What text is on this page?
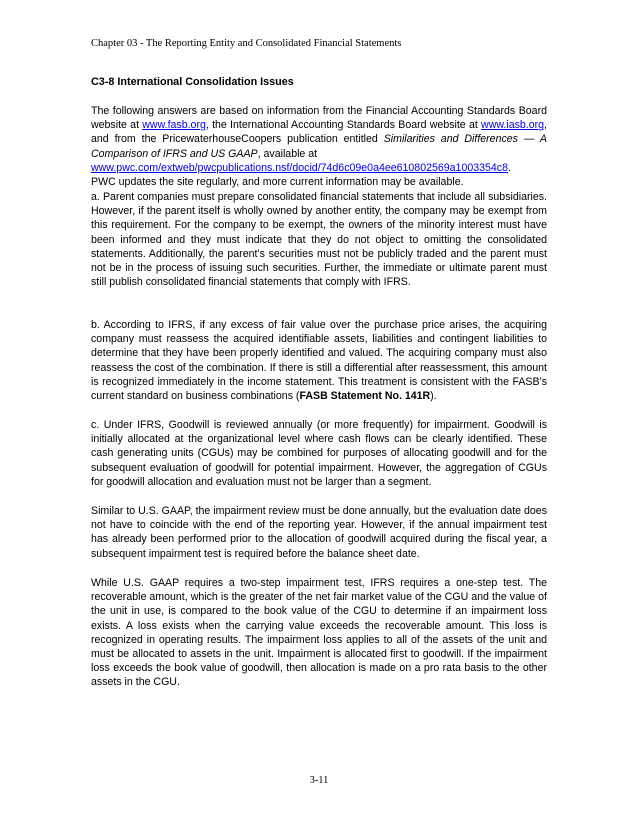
Chapter 03 - The Reporting Entity and Consolidated Financial Statements
C3-8 International Consolidation Issues

The following answers are based on information from the Financial Accounting Standards Board website at www.fasb.org, the International Accounting Standards Board website at www.iasb.org, and from the PricewaterhouseCoopers publication entitled Similarities and Differences — A Comparison of IFRS and US GAAP, available at

www.pwc.com/extweb/pwcpublications.nsf/docid/74d6c09e0a4ee610802569a1003354c8.

PWC updates the site regularly, and more current information may be available.

a. Parent companies must prepare consolidated financial statements that include all subsidiaries. However, if the parent itself is wholly owned by another entity, the company may be exempt from this requirement. For the company to be exempt, the owners of the minority interest must have been informed and they must indicate that they do not object to omitting the consolidated statements. Additionally, the parent’s securities must not be publicly traded and the parent must not be in the process of issuing such securities. Further, the immediate or ultimate parent must still publish consolidated financial statements that comply with IFRS.

b. According to IFRS, if any excess of fair value over the purchase price arises, the acquiring company must reassess the acquired identifiable assets, liabilities and contingent liabilities to determine that they have been properly identified and valued. The acquiring company must also reassess the cost of the combination. If there is still a differential after reassessment, this amount is recognized immediately in the income statement. This treatment is consistent with the FASB’s current standard on business combinations (FASB Statement No. 141R).

c. Under IFRS, Goodwill is reviewed annually (or more frequently) for impairment. Goodwill is initially allocated at the organizational level where cash flows can be clearly identified. These cash generating units (CGUs) may be combined for purposes of allocating goodwill and for the subsequent evaluation of goodwill for potential impairment. However, the aggregation of CGUs for goodwill allocation and evaluation must not be larger than a segment.

Similar to U.S. GAAP, the impairment review must be done annually, but the evaluation date does not have to coincide with the end of the reporting year. However, if the annual impairment test has already been performed prior to the allocation of goodwill acquired during the fiscal year, a subsequent impairment test is required before the balance sheet date.

While U.S. GAAP requires a two-step impairment test, IFRS requires a one-step test. The recoverable amount, which is the greater of the net fair market value of the CGU and the value of the unit in use, is compared to the book value of the CGU to determine if an impairment loss exists. A loss exists when the carrying value exceeds the recoverable amount. This loss is recognized in operating results. The impairment loss applies to all of the assets of the unit and must be allocated to assets in the unit. Impairment is allocated first to goodwill. If the impairment loss exceeds the book value of goodwill, then allocation is made on a pro rata basis to the other assets in the CGU.

3-11
